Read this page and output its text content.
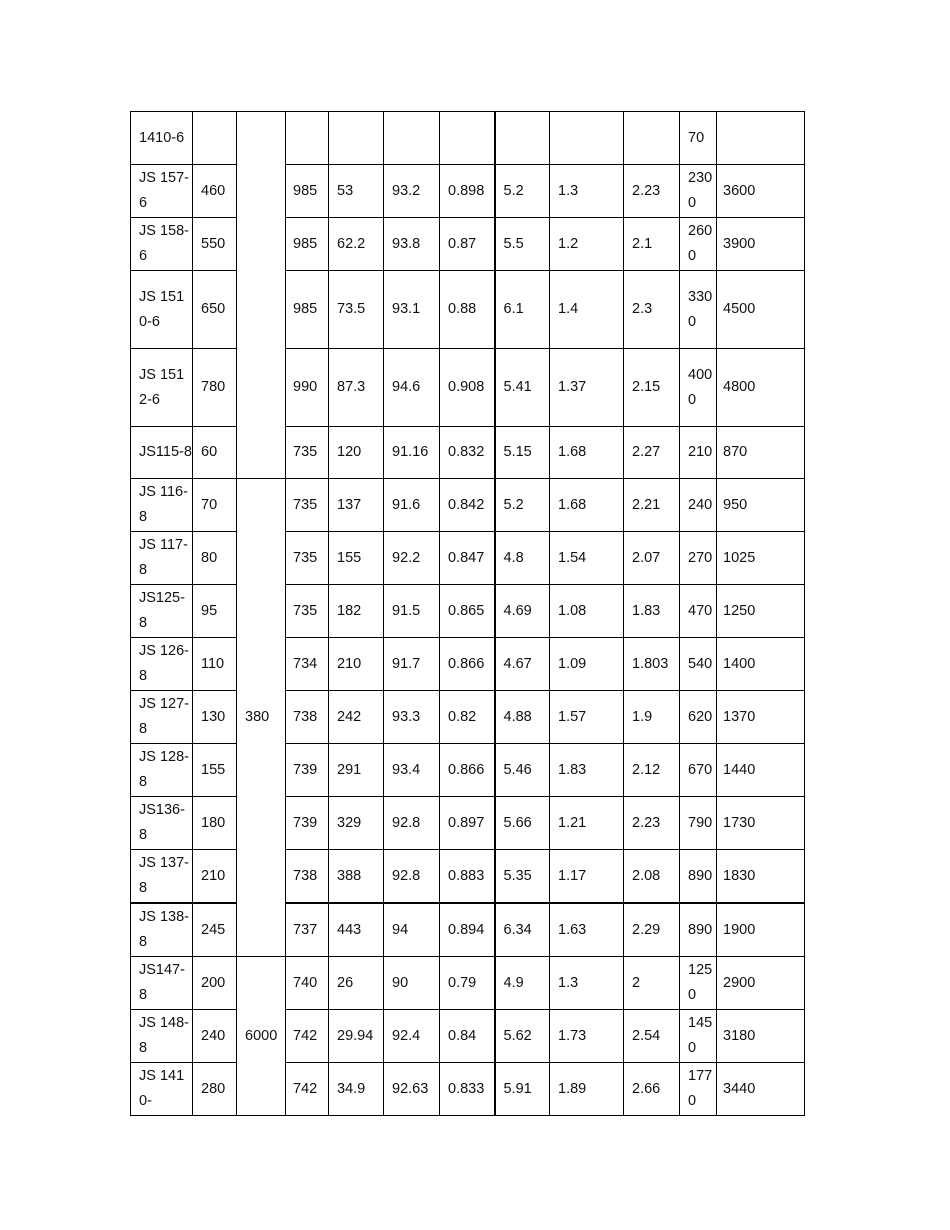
1410-6										70	
JS 157-6	460		985	53	93.2	0.898	5.2	1.3	2.23	2300	3600
JS 158-6	550		985	62.2	93.8	0.87	5.5	1.2	2.1	2600	3900
JS 1510-6	650		985	73.5	93.1	0.88	6.1	1.4	2.3	3300	4500
JS 1512-6	780		990	87.3	94.6	0.908	5.41	1.37	2.15	4000	4800
JS115-8	60		735	120	91.16	0.832	5.15	1.68	2.27	210	870
JS 116-8	70	380	735	137	91.6	0.842	5.2	1.68	2.21	240	950
JS 117-8	80		735	155	92.2	0.847	4.8	1.54	2.07	270	1025
JS125-8	95		735	182	91.5	0.865	4.69	1.08	1.83	470	1250
JS 126-8	110		734	210	91.7	0.866	4.67	1.09	1.803	540	1400
JS 127-8	130		738	242	93.3	0.82	4.88	1.57	1.9	620	1370
JS 128-8	155		739	291	93.4	0.866	5.46	1.83	2.12	670	1440
JS136-8	180		739	329	92.8	0.897	5.66	1.21	2.23	790	1730
JS 137-8	210		738	388	92.8	0.883	5.35	1.17	2.08	890	1830
JS 138-8	245		737	443	94	0.894	6.34	1.63	2.29	890	1900
JS147-8	200	6000	740	26	90	0.79	4.9	1.3	2	1250	2900
JS 148-8	240		742	29.94	92.4	0.84	5.62	1.73	2.54	1450	3180
JS 1410-	280		742	34.9	92.63	0.833	5.91	1.89	2.66	1770	3440
